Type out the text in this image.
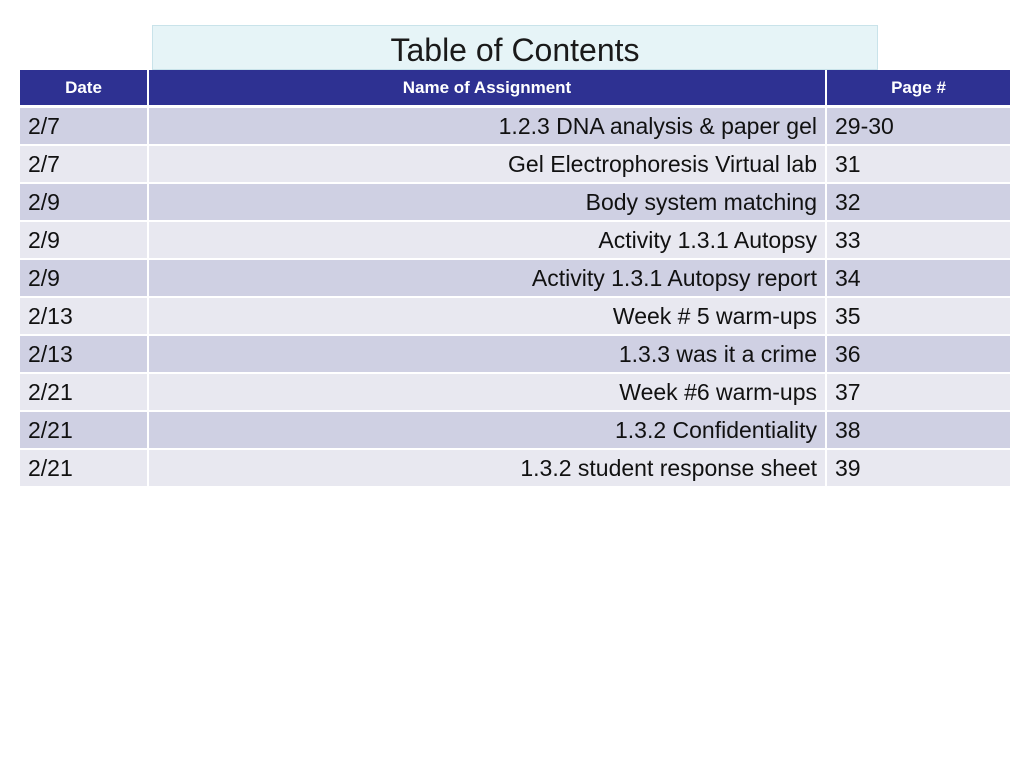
Table of Contents
Date	Name of Assignment	Page #
2/7	1.2.3 DNA analysis & paper gel	29-30
2/7	Gel Electrophoresis Virtual lab	31
2/9	Body system matching	32
2/9	Activity 1.3.1 Autopsy	33
2/9	Activity 1.3.1 Autopsy report	34
2/13	Week # 5 warm-ups	35
2/13	1.3.3 was it a crime	36
2/21	Week #6 warm-ups	37
2/21	1.3.2 Confidentiality	38
2/21	1.3.2 student response sheet	39
